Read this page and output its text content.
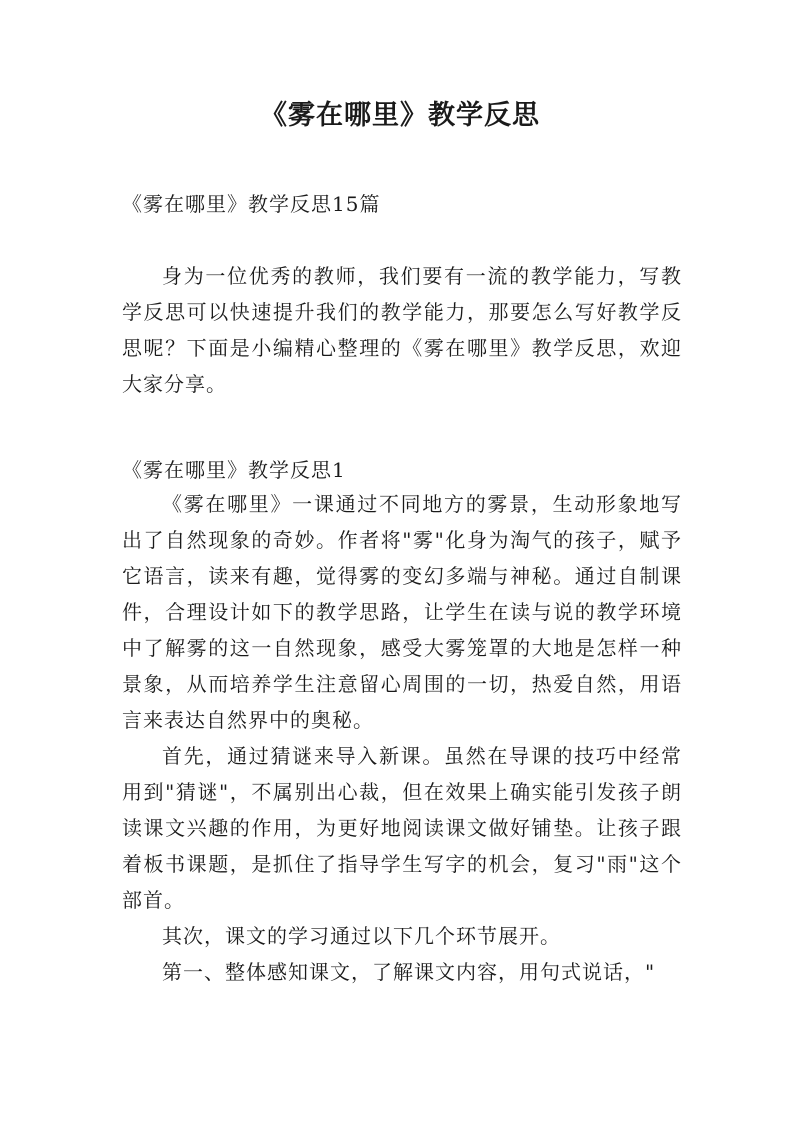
《雾在哪里》教学反思

《雾在哪里》教学反思15篇

身为一位优秀的教师，我们要有一流的教学能力，写教学反思可以快速提升我们的教学能力，那要怎么写好教学反思呢？下面是小编精心整理的《雾在哪里》教学反思，欢迎大家分享。

《雾在哪里》教学反思1

《雾在哪里》一课通过不同地方的雾景，生动形象地写出了自然现象的奇妙。作者将"雾"化身为淘气的孩子，赋予它语言，读来有趣，觉得雾的变幻多端与神秘。通过自制课件，合理设计如下的教学思路，让学生在读与说的教学环境中了解雾的这一自然现象，感受大雾笼罩的大地是怎样一种景象，从而培养学生注意留心周围的一切，热爱自然，用语言来表达自然界中的奥秘。

首先，通过猜谜来导入新课。虽然在导课的技巧中经常用到"猜谜"，不属别出心裁，但在效果上确实能引发孩子朗读课文兴趣的作用，为更好地阅读课文做好铺垫。让孩子跟着板书课题，是抓住了指导学生写字的机会，复习"雨"这个部首。

其次，课文的学习通过以下几个环节展开。

第一、整体感知课文，了解课文内容，用句式说话，"
